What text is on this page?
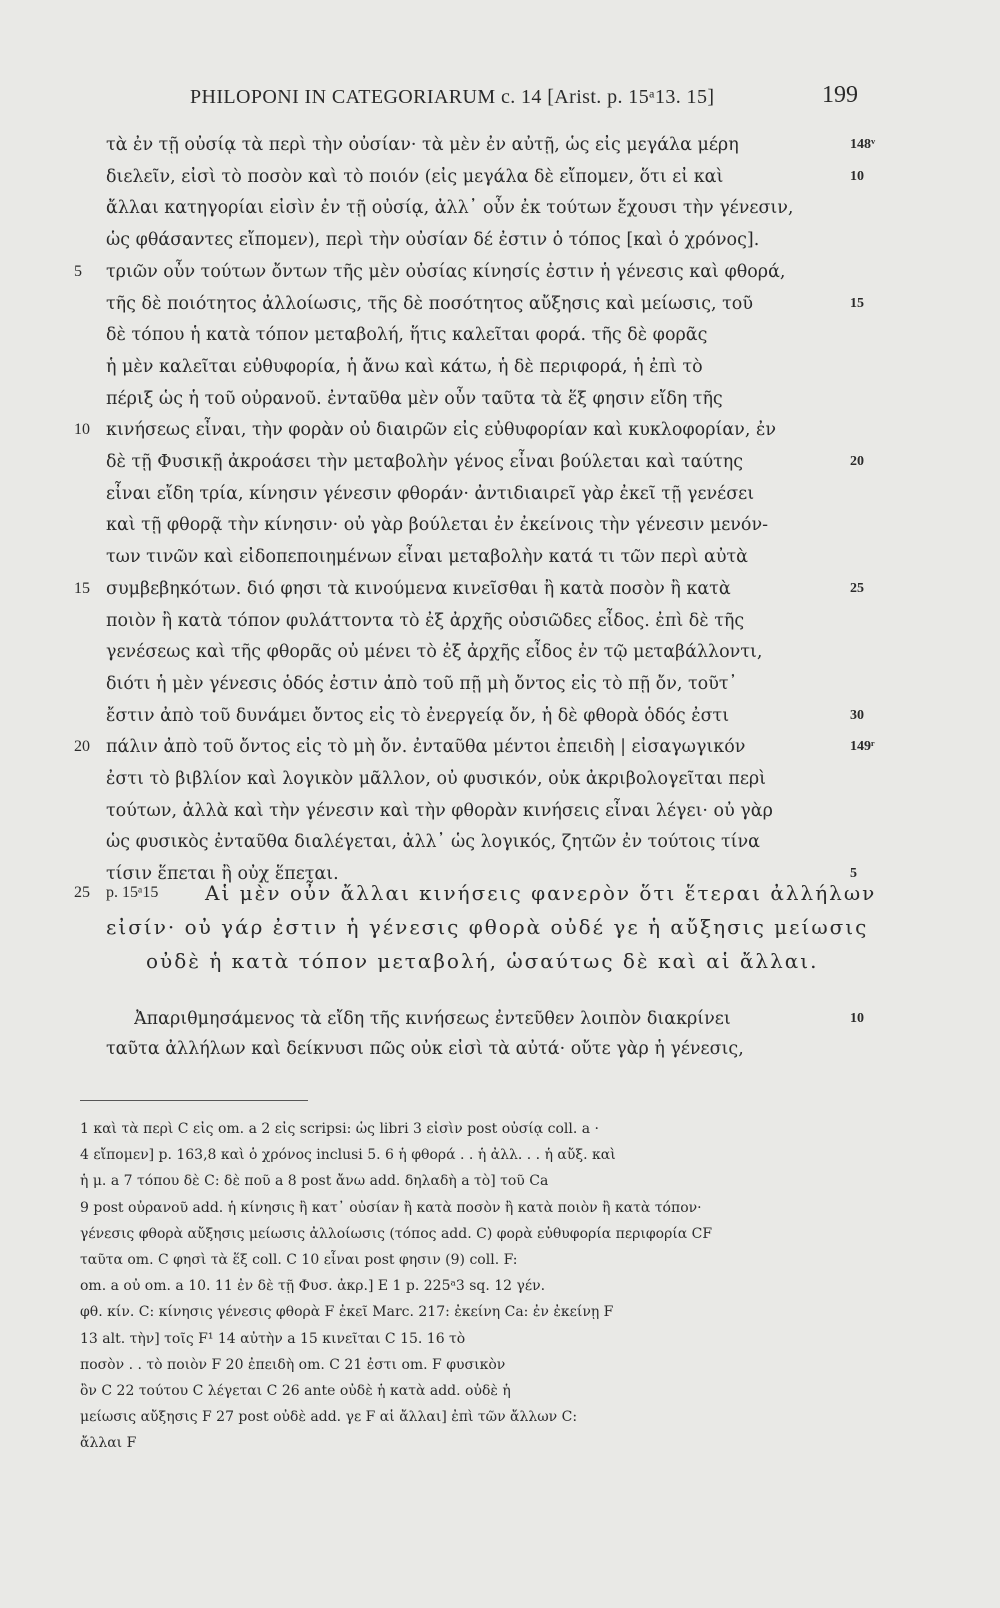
PHILOPONI IN CATEGORIARUM c. 14 [Arist. p. 15ᵃ13. 15]	199
τὰ ἐν τῇ οὐσίᾳ τὰ περὶ τὴν οὐσίαν· τὰ μὲν ἐν αὐτῇ, ὡς εἰς μεγάλα μέρη	148ᵛ
διελεῖν, εἰσὶ τὸ ποσὸν καὶ τὸ ποιόν (εἰς μεγάλα δὲ εἴπομεν, ὅτι εἰ καὶ	10
ἄλλαι κατηγορίαι εἰσὶν ἐν τῇ οὐσίᾳ, ἀλλ᾿ οὖν ἐκ τούτων ἔχουσι τὴν γένεσιν,
ὡς φθάσαντες εἴπομεν), περὶ τὴν οὐσίαν δέ ἐστιν ὁ τόπος [καὶ ὁ χρόνος].
τριῶν οὖν τούτων ὄντων τῆς μὲν οὐσίας κίνησίς ἐστιν ἡ γένεσις καὶ φθορά,
5
τῆς δὲ ποιότητος ἀλλοίωσις, τῆς δὲ ποσότητος αὔξησις καὶ μείωσις, τοῦ	15
δὲ τόπου ἡ κατὰ τόπον μεταβολή, ἥτις καλεῖται φορά. τῆς δὲ φορᾶς
ἡ μὲν καλεῖται εὐθυφορία, ἡ ἄνω καὶ κάτω, ἡ δὲ περιφορά, ἡ ἐπὶ τὸ
πέριξ ὡς ἡ τοῦ οὐρανοῦ. ἐνταῦθα μὲν οὖν ταῦτα τὰ ἕξ φησιν εἴδη τῆς
κινήσεως εἶναι, τὴν φορὰν οὐ διαιρῶν εἰς εὐθυφορίαν καὶ κυκλοφορίαν, ἐν
10
δὲ τῇ Φυσικῇ ἀκροάσει τὴν μεταβολὴν γένος εἶναι βούλεται καὶ ταύτης	20
εἶναι εἴδη τρία, κίνησιν γένεσιν φθοράν· ἀντιδιαιρεῖ γὰρ ἐκεῖ τῇ γενέσει
καὶ τῇ φθορᾷ τὴν κίνησιν· οὐ γὰρ βούλεται ἐν ἐκείνοις τὴν γένεσιν μενόν-
των τινῶν καὶ εἰδοπεποιημένων εἶναι μεταβολὴν κατά τι τῶν περὶ αὐτὰ
συμβεβηκότων. διό φησι τὰ κινούμενα κινεῖσθαι ἢ κατὰ ποσὸν ἢ κατὰ
15	25
ποιὸν ἢ κατὰ τόπον φυλάττοντα τὸ ἐξ ἀρχῆς οὐσιῶδες εἶδος. ἐπὶ δὲ τῆς
γενέσεως καὶ τῆς φθορᾶς οὐ μένει τὸ ἐξ ἀρχῆς εἶδος ἐν τῷ μεταβάλλοντι,
διότι ἡ μὲν γένεσις ὁδός ἐστιν ἀπὸ τοῦ πῇ μὴ ὄντος εἰς τὸ πῇ ὄν, τοῦτ᾿
ἔστιν ἀπὸ τοῦ δυνάμει ὄντος εἰς τὸ ἐνεργείᾳ ὄν, ἡ δὲ φθορὰ ὁδός ἐστι	30
πάλιν ἀπὸ τοῦ ὄντος εἰς τὸ μὴ ὄν. ἐνταῦθα μέντοι ἐπειδὴ | εἰσαγωγικόν
20	149ʳ
ἐστι τὸ βιβλίον καὶ λογικὸν μᾶλλον, οὐ φυσικόν, οὐκ ἀκριβολογεῖται περὶ
τούτων, ἀλλὰ καὶ τὴν γένεσιν καὶ τὴν φθορὰν κινήσεις εἶναι λέγει· οὐ γὰρ
ὡς φυσικὸς ἐνταῦθα διαλέγεται, ἀλλ᾿ ὡς λογικός, ζητῶν ἐν τούτοις τίνα
τίσιν ἕπεται ἢ οὐχ ἕπεται.	5
25	p. 15ᵃ15 Αἱ μὲν οὖν ἄλλαι κινήσεις φανερὸν ὅτι ἕτεραι ἀλλήλων
εἰσίν· οὐ γάρ ἐστιν ἡ γένεσις φθορὰ οὐδέ γε ἡ αὔξησις μείωσις
οὐδὲ ἡ κατὰ τόπον μεταβολή, ὡσαύτως δὲ καὶ αἱ ἄλλαι.
Ἀπαριθμησάμενος τὰ εἴδη τῆς κινήσεως ἐντεῦθεν λοιπὸν διακρίνει	10
ταῦτα ἀλλήλων καὶ δείκνυσι πῶς οὐκ εἰσὶ τὰ αὐτά· οὔτε γὰρ ἡ γένεσις,
1 καὶ τὰ περὶ C εἰς om. a 2 εἰς scripsi: ὡς libri 3 εἰσὶν post οὐσίᾳ coll. a ·
4 εἴπομεν] p. 163,8 καὶ ὁ χρόνος inclusi 5. 6 ἡ φθορά . . ἡ ἀλλ. . . ἡ αὔξ. καὶ
ἡ μ. a 7 τόπου δὲ C: δὲ ποῦ a 8 post ἄνω add. δηλαδὴ a τὸ] τοῦ Ca
9 post οὐρανοῦ add. ἡ κίνησις ἢ κατ᾿ οὐσίαν ἢ κατὰ ποσὸν ἢ κατὰ ποιὸν ἢ κατὰ τόπον·
γένεσις φθορὰ αὔξησις μείωσις ἀλλοίωσις (τόπος add. C) φορὰ εὐθυφορία περιφορία CF
ταῦτα om. C φησὶ τὰ ἕξ coll. C 10 εἶναι post φησιν (9) coll. F:
om. a οὐ om. a 10. 11 ἐν δὲ τῇ Φυσ. ἀκρ.] E 1 p. 225ᵃ3 sq. 12 γέν.
φθ. κίν. C: κίνησις γένεσις φθορὰ F ἐκεῖ Marc. 217: ἐκείνη Ca: ἐν ἐκείνῃ F
13 alt. τὴν] τοῖς F¹ 14 αὐτὴν a 15 κινεῖται C 15. 16 τὸ
ποσὸν . . τὸ ποιὸν F 20 ἐπειδὴ om. C 21 ἐστι om. F φυσικὸν
ὂν C 22 τούτου C λέγεται C 26 ante οὐδὲ ἡ κατὰ add. οὐδὲ ἡ
μείωσις αὔξησις F 27 post οὐδὲ add. γε F αἱ ἄλλαι] ἐπὶ τῶν ἄλλων C:
ἄλλαι F
